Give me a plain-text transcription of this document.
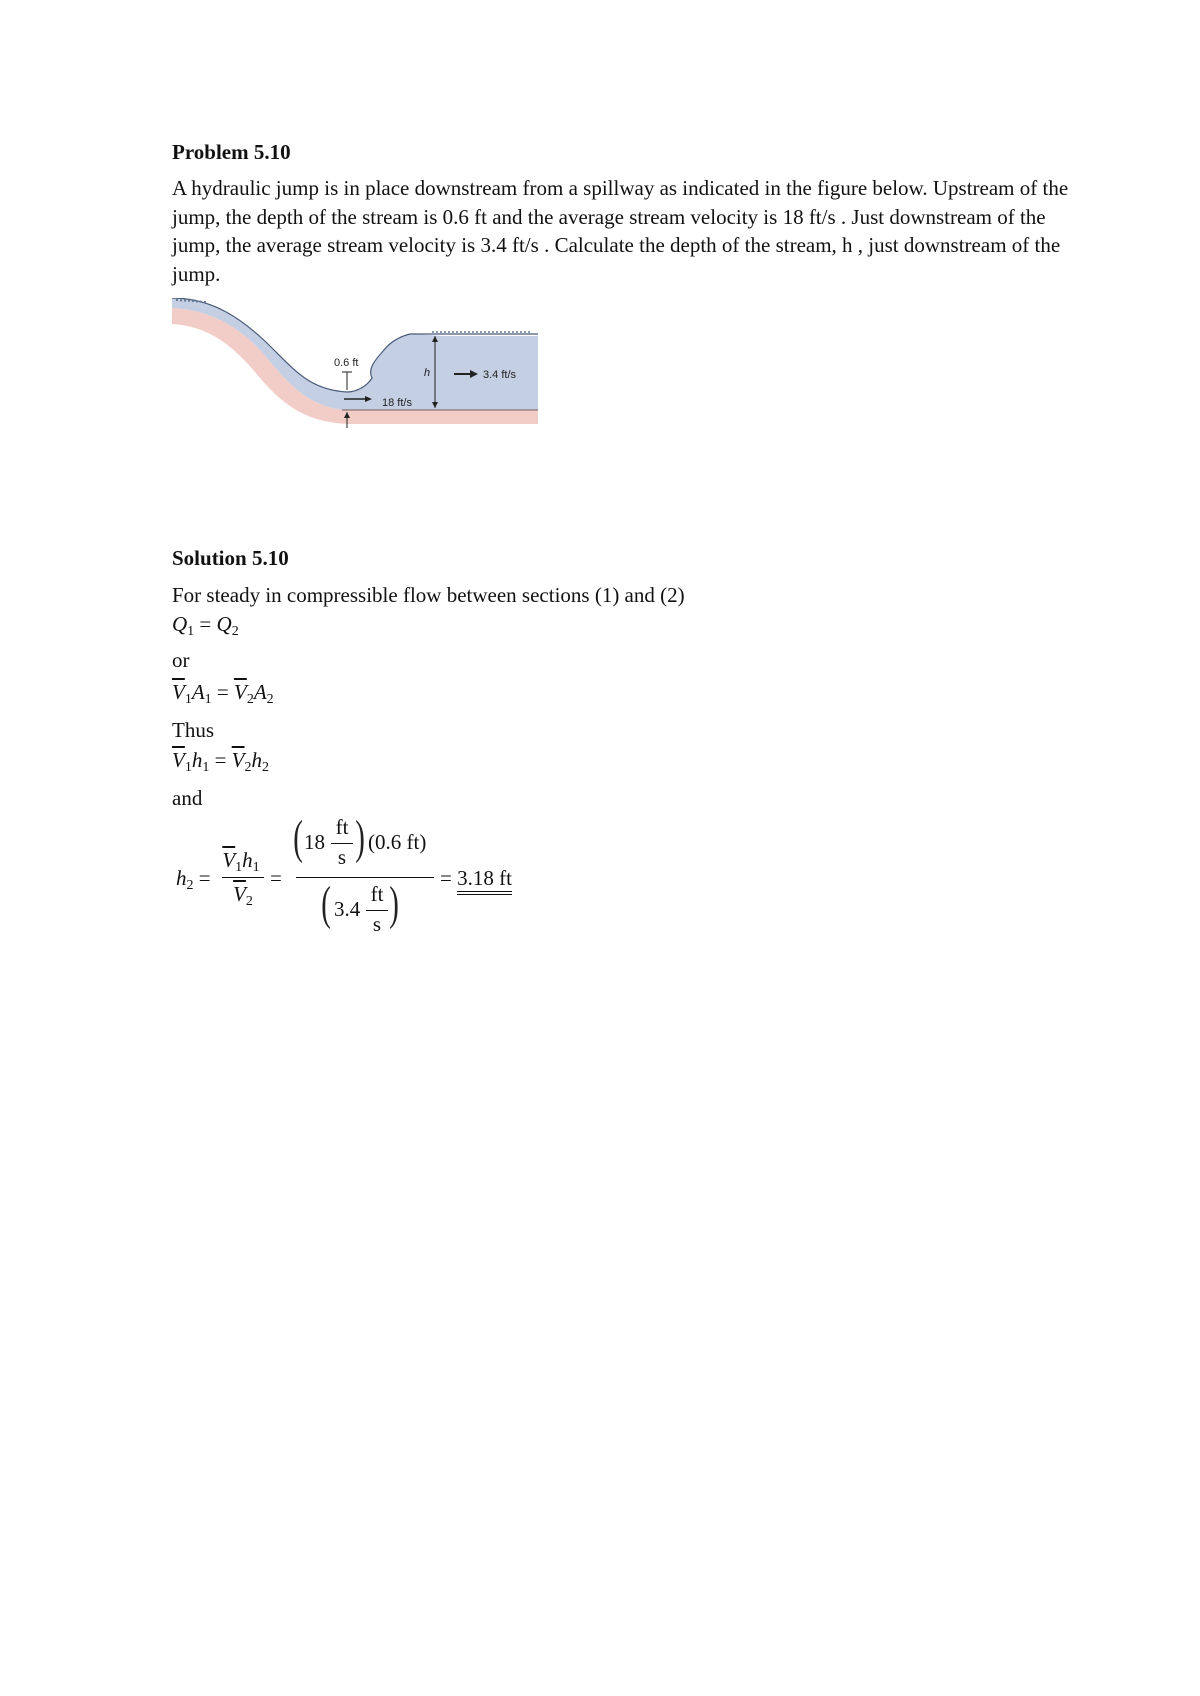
Problem 5.10
A hydraulic jump is in place downstream from a spillway as indicated in the figure below. Upstream of the jump, the depth of the stream is 0.6 ft and the average stream velocity is 18 ft/s . Just downstream of the jump, the average stream velocity is 3.4 ft/s . Calculate the depth of the stream, h , just downstream of the jump.
0.6 ft
18 ft/s
h	3.4 ft/s
Solution 5.10
For steady in compressible flow between sections (1) and (2)
$Q_1 = Q_2$
or
$\overline{V}_1A_1 = \overline{V}_2A_2$
Thus
$\overline{V}_1h_1 = \overline{V}_2h_2$
and
$h_2$ =
$\overline{V}_1h_1$
$\overline{V}_2$
=
( 18
ft
s ) (0.6 ft)
( 3.4
ft
s ) = 3.18 ft
